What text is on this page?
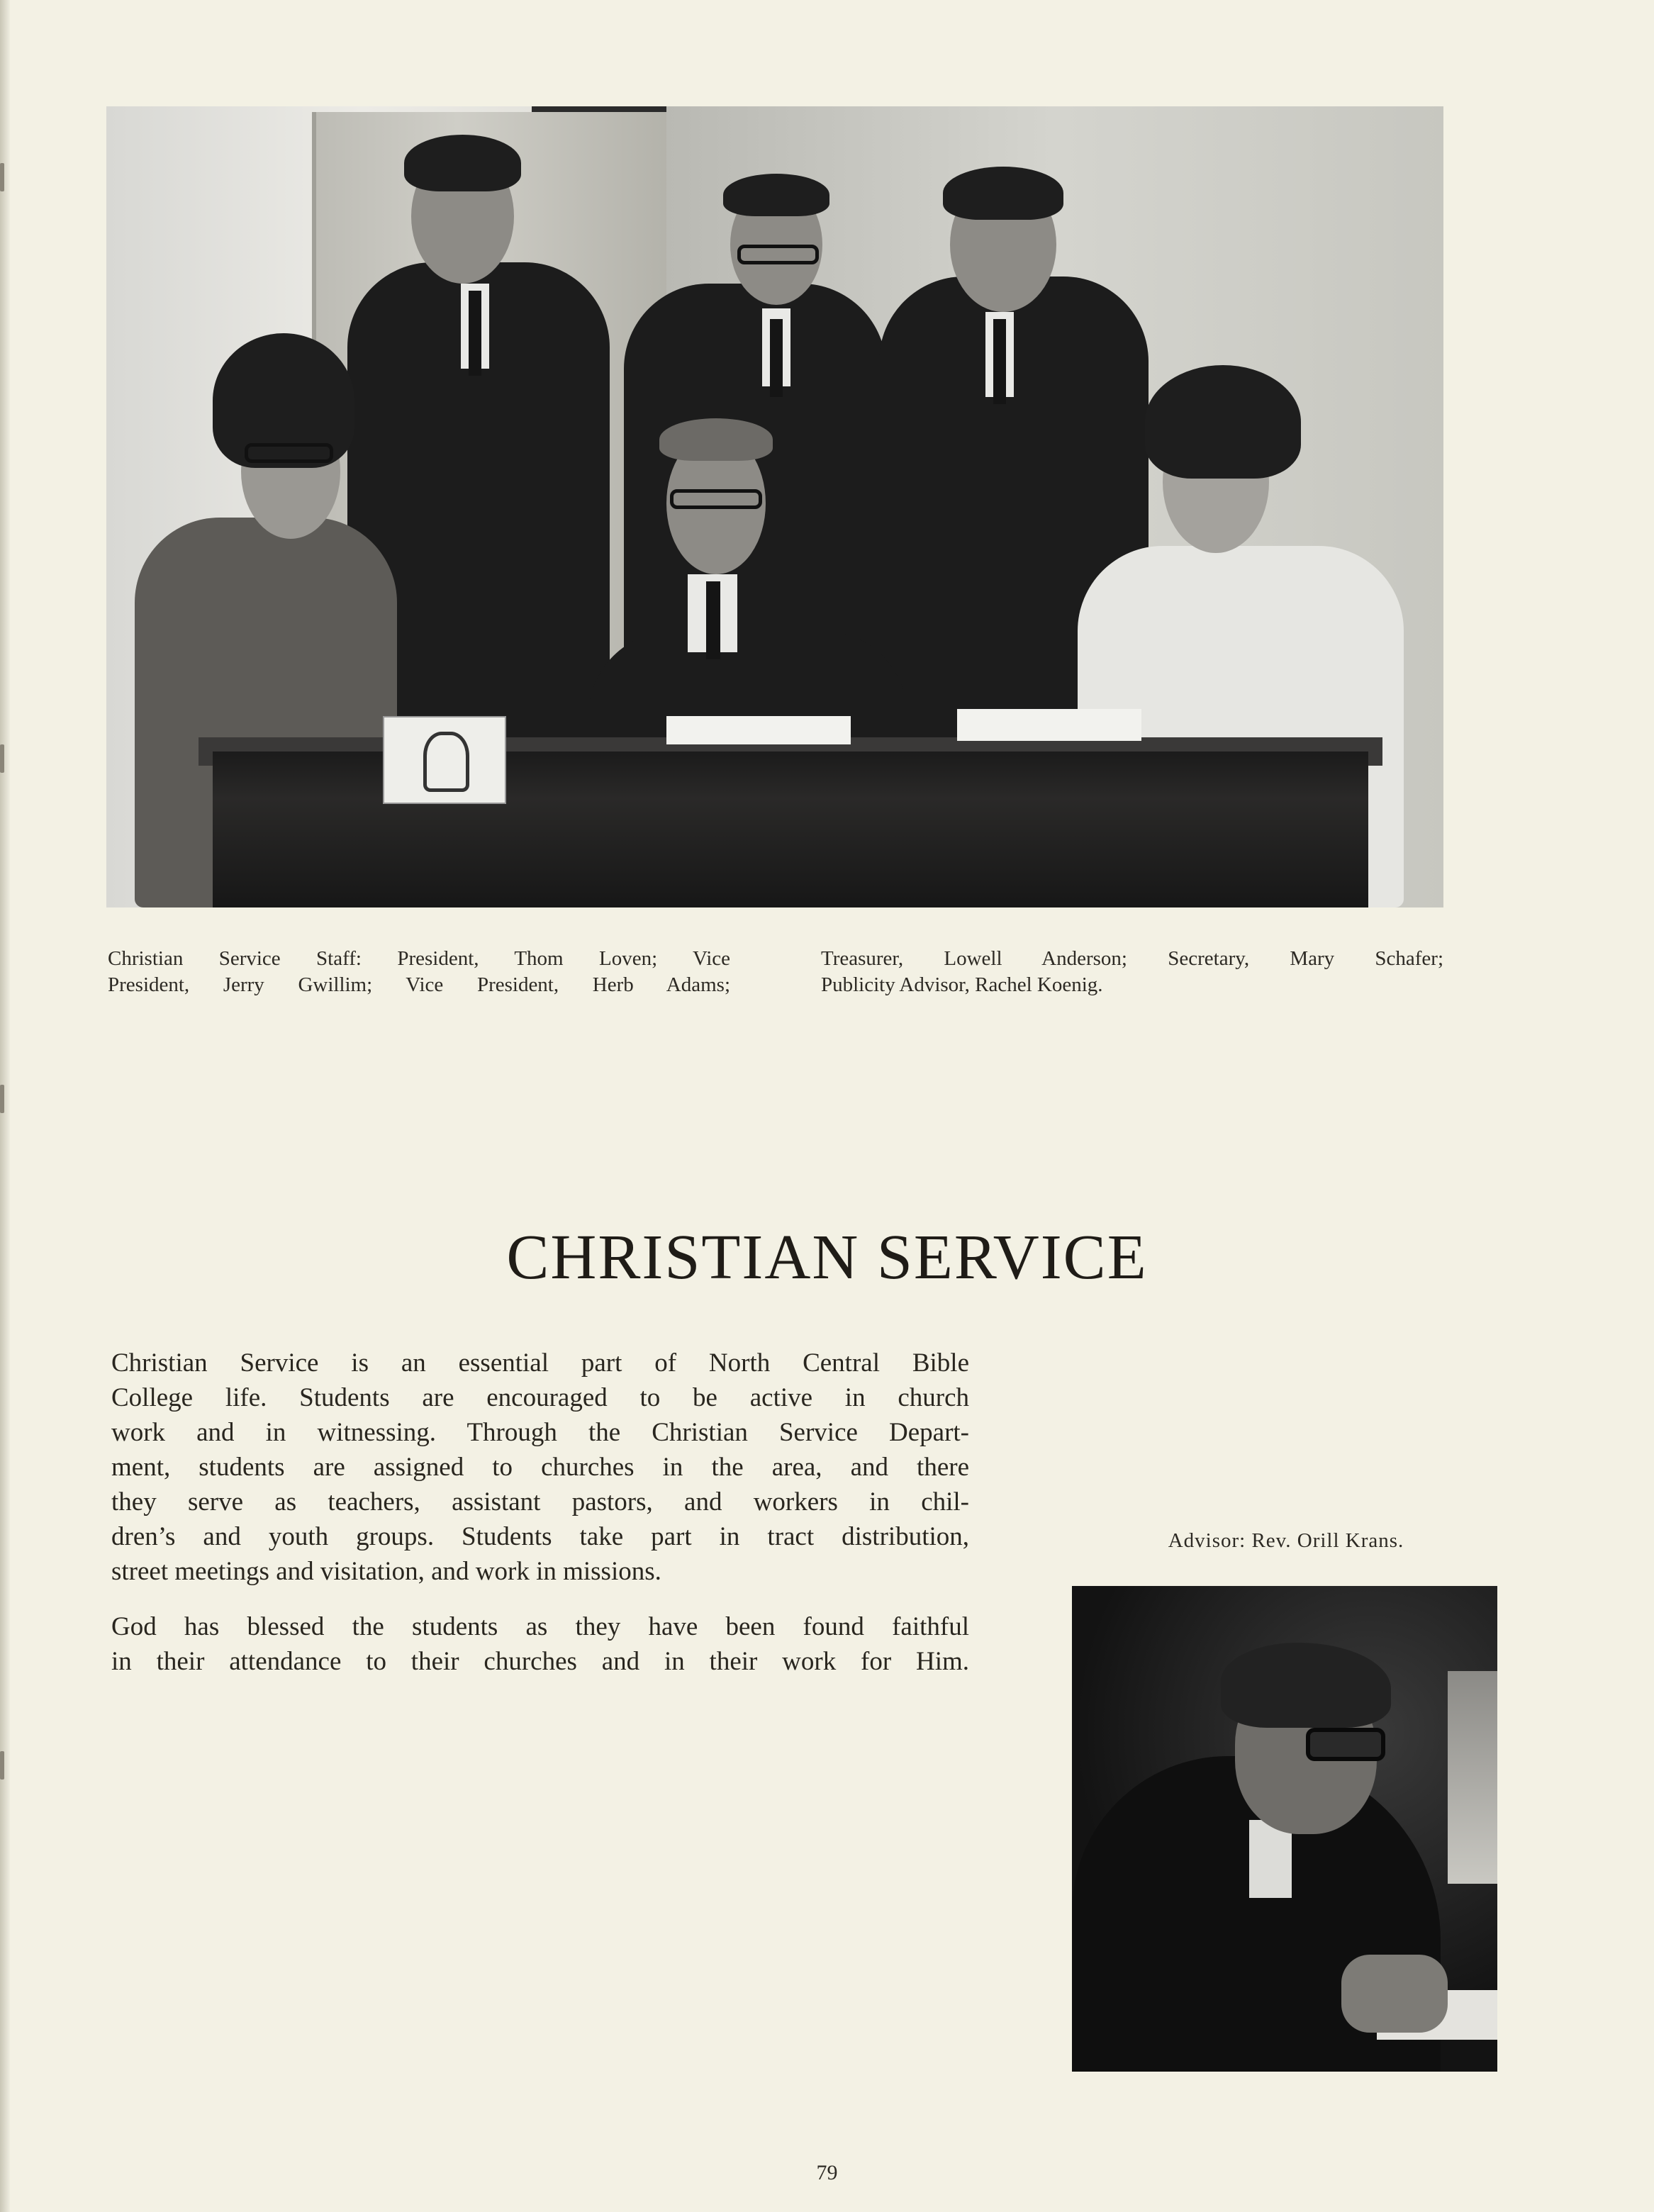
Christian Service Staff: President, Thom Loven; Vice
President, Jerry Gwillim; Vice President, Herb Adams;
Treasurer, Lowell Anderson; Secretary, Mary Schafer;
Publicity Advisor, Rachel Koenig.
CHRISTIAN SERVICE
Christian Service is an essential part of North Central Bible
College life. Students are encouraged to be active in church
work and in witnessing. Through the Christian Service Depart-
ment, students are assigned to churches in the area, and there
they serve as teachers, assistant pastors, and workers in chil-
dren’s and youth groups. Students take part in tract distribution,
street meetings and visitation, and work in missions.
God has blessed the students as they have been found faithful
in their attendance to their churches and in their work for Him.
Advisor: Rev. Orill Krans.
79
